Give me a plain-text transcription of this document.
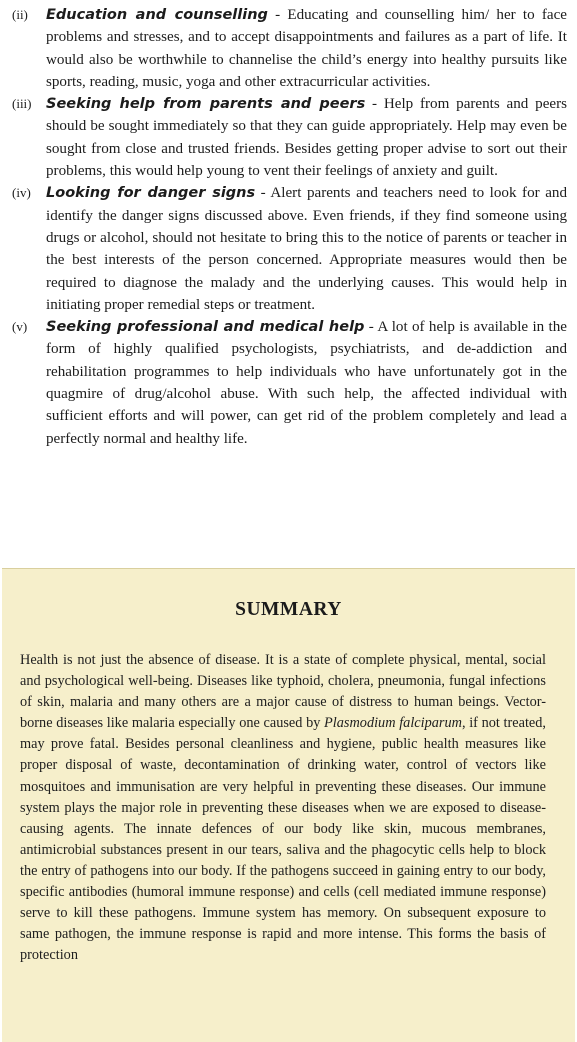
(ii)	Education and counselling - Educating and counselling him/ her to face problems and stresses, and to accept disappointments and failures as a part of life. It would also be worthwhile to channelise the child’s energy into healthy pursuits like sports, reading, music, yoga and other extracurricular activities.
(iii)	Seeking help from parents and peers - Help from parents and peers should be sought immediately so that they can guide appropriately. Help may even be sought from close and trusted friends. Besides getting proper advise to sort out their problems, this would help young to vent their feelings of anxiety and guilt.
(iv)	Looking for danger signs - Alert parents and teachers need to look for and identify the danger signs discussed above. Even friends, if they find someone using drugs or alcohol, should not hesitate to bring this to the notice of parents or teacher in the best interests of the person concerned. Appropriate measures would then be required to diagnose the malady and the underlying causes. This would help in initiating proper remedial steps or treatment.
(v)	Seeking professional and medical help - A lot of help is available in the form of highly qualified psychologists, psychiatrists, and de-addiction and rehabilitation programmes to help individuals who have unfortunately got in the quagmire of drug/alcohol abuse. With such help, the affected individual with sufficient efforts and will power, can get rid of the problem completely and lead a perfectly normal and healthy life.
SUMMARY
Health is not just the absence of disease. It is a state of complete physical, mental, social and psychological well-being. Diseases like typhoid, cholera, pneumonia, fungal infections of skin, malaria and many others are a major cause of distress to human beings. Vector-borne diseases like malaria especially one caused by Plasmodium falciparum, if not treated, may prove fatal. Besides personal cleanliness and hygiene, public health measures like proper disposal of waste, decontamination of drinking water, control of vectors like mosquitoes and immunisation are very helpful in preventing these diseases. Our immune system plays the major role in preventing these diseases when we are exposed to disease-causing agents. The innate defences of our body like skin, mucous membranes, antimicrobial substances present in our tears, saliva and the phagocytic cells help to block the entry of pathogens into our body. If the pathogens succeed in gaining entry to our body, specific antibodies (humoral immune response) and cells (cell mediated immune response) serve to kill these pathogens. Immune system has memory. On subsequent exposure to same pathogen, the immune response is rapid and more intense. This forms the basis of protection
